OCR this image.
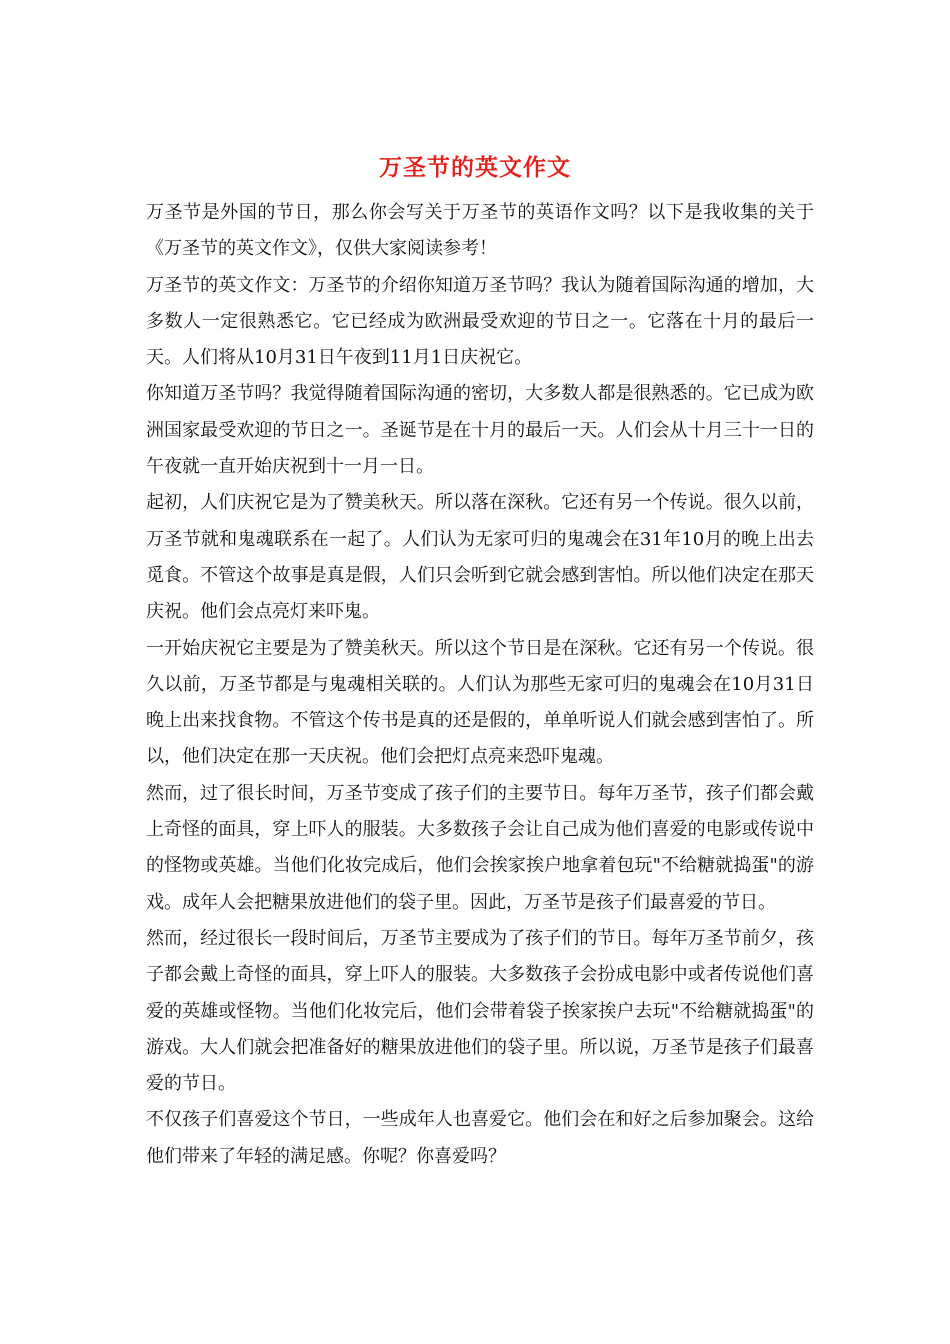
万圣节的英文作文

万圣节是外国的节日，那么你会写关于万圣节的英语作文吗？以下是我收集的关于《万圣节的英文作文》，仅供大家阅读参考！

万圣节的英文作文：万圣节的介绍你知道万圣节吗？我认为随着国际沟通的增加，大多数人一定很熟悉它。它已经成为欧洲最受欢迎的节日之一。它落在十月的最后一天。人们将从10月31日午夜到11月1日庆祝它。

你知道万圣节吗？我觉得随着国际沟通的密切，大多数人都是很熟悉的。它已成为欧洲国家最受欢迎的节日之一。圣诞节是在十月的最后一天。人们会从十月三十一日的午夜就一直开始庆祝到十一月一日。

起初，人们庆祝它是为了赞美秋天。所以落在深秋。它还有另一个传说。很久以前，万圣节就和鬼魂联系在一起了。人们认为无家可归的鬼魂会在31年10月的晚上出去觅食。不管这个故事是真是假，人们只会听到它就会感到害怕。所以他们决定在那天庆祝。他们会点亮灯来吓鬼。

一开始庆祝它主要是为了赞美秋天。所以这个节日是在深秋。它还有另一个传说。很久以前，万圣节都是与鬼魂相关联的。人们认为那些无家可归的鬼魂会在10月31日晚上出来找食物。不管这个传书是真的还是假的，单单听说人们就会感到害怕了。所以，他们决定在那一天庆祝。他们会把灯点亮来恐吓鬼魂。

然而，过了很长时间，万圣节变成了孩子们的主要节日。每年万圣节，孩子们都会戴上奇怪的面具，穿上吓人的服装。大多数孩子会让自己成为他们喜爱的电影或传说中的怪物或英雄。当他们化妆完成后，他们会挨家挨户地拿着包玩"不给糖就捣蛋"的游戏。成年人会把糖果放进他们的袋子里。因此，万圣节是孩子们最喜爱的节日。

然而，经过很长一段时间后，万圣节主要成为了孩子们的节日。每年万圣节前夕，孩子都会戴上奇怪的面具，穿上吓人的服装。大多数孩子会扮成电影中或者传说他们喜爱的英雄或怪物。当他们化妆完后，他们会带着袋子挨家挨户去玩"不给糖就捣蛋"的游戏。大人们就会把准备好的糖果放进他们的袋子里。所以说，万圣节是孩子们最喜爱的节日。

不仅孩子们喜爱这个节日，一些成年人也喜爱它。他们会在和好之后参加聚会。这给他们带来了年轻的满足感。你呢？你喜爱吗？
